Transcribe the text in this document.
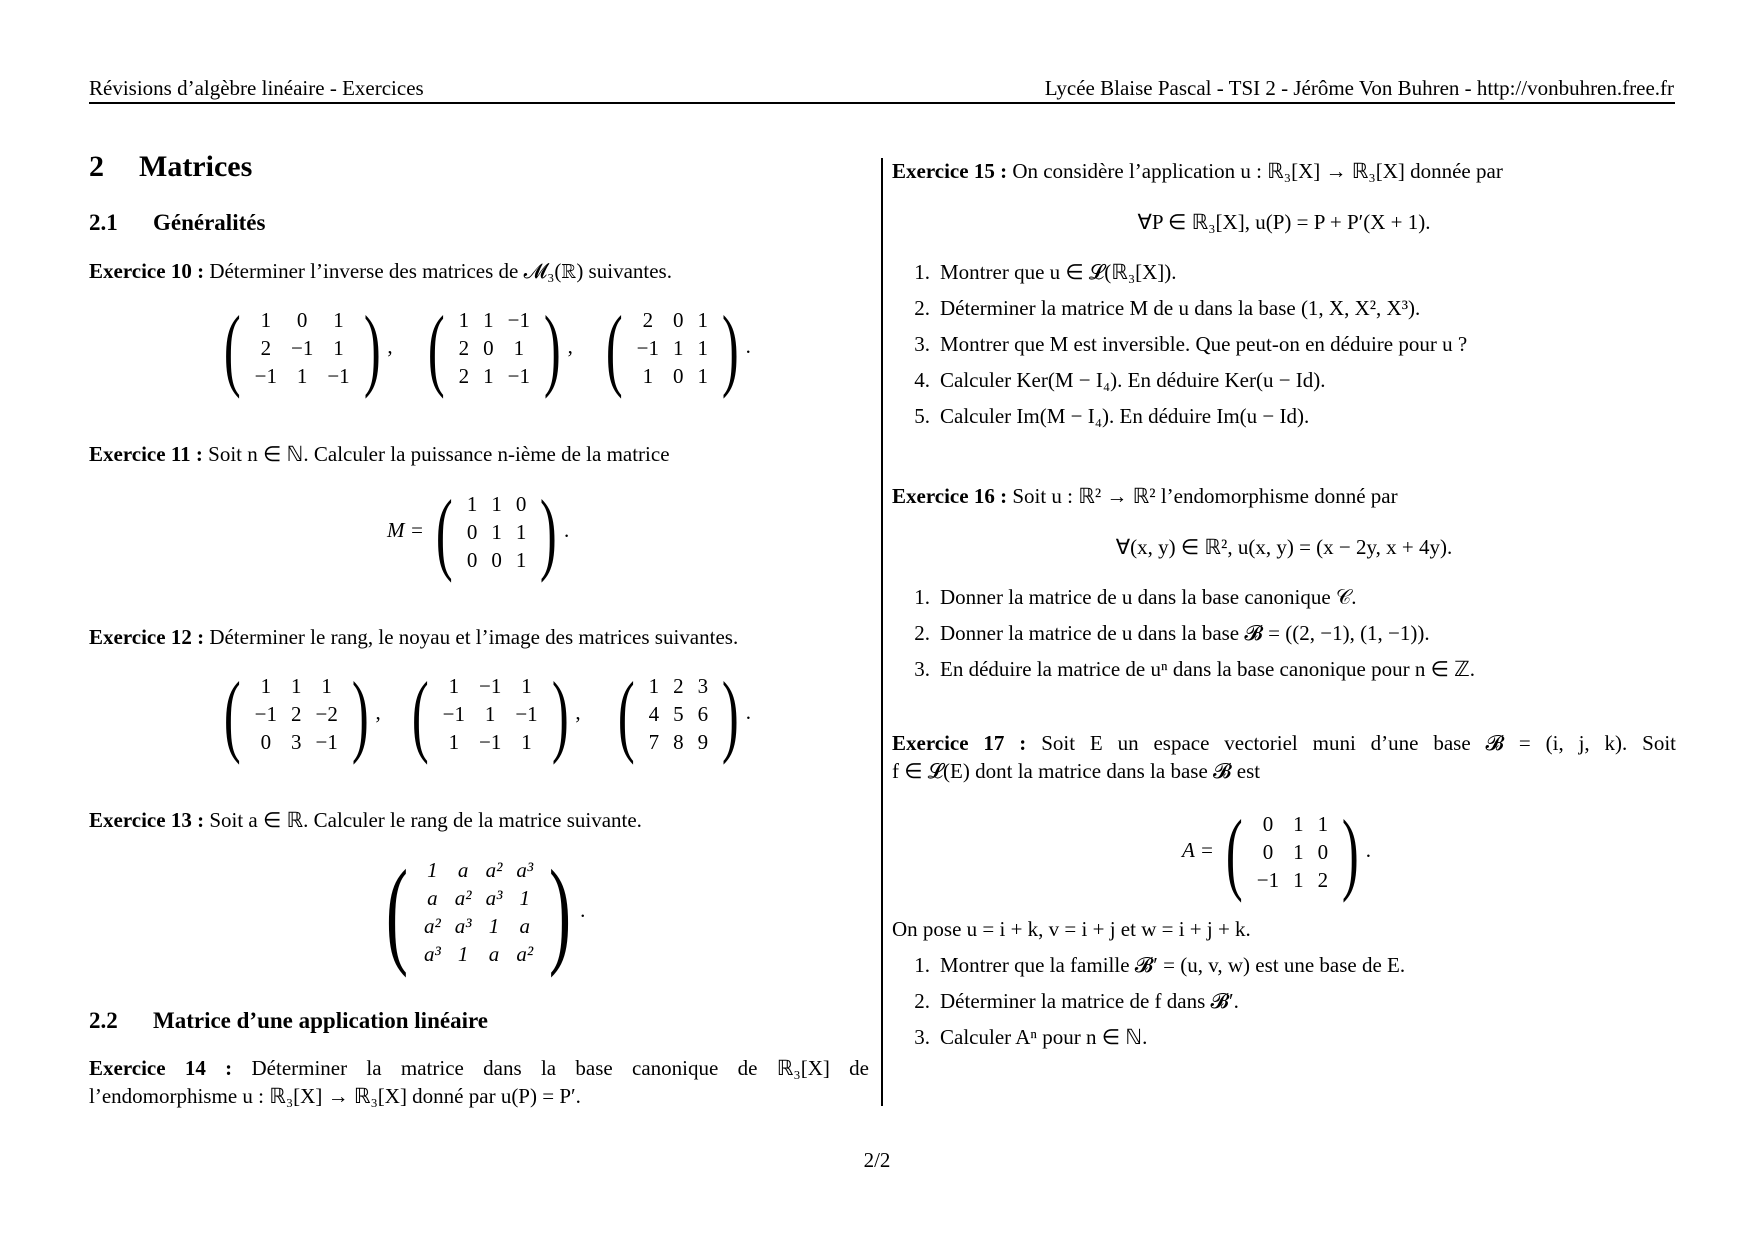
Révisions d’algèbre linéaire - Exercices	Lycée Blaise Pascal - TSI 2 - Jérôme Von Buhren - http://vonbuhren.free.fr
2 Matrices
2.1 Généralités
Exercice 10 : Déterminer l’inverse des matrices de 𝓜₃(ℝ) suivantes.
( 1	0	1
2	−1	1
−1	1	−1 ) , ( 1	1	−1
2	0	1
2	1	−1 ) , ( 2	0	1
−1	1	1
1	0	1 ) .
Exercice 11 : Soit n ∈ ℕ. Calculer la puissance n-ième de la matrice
M = ( 1	1	0
0	1	1
0	0	1 ) .
Exercice 12 : Déterminer le rang, le noyau et l’image des matrices suivantes.
( 1	1	1
−1	2	−2
0	3	−1 ) , ( 1	−1	1
−1	1	−1
1	−1	1 ) , ( 1	2	3
4	5	6
7	8	9 ) .
Exercice 13 : Soit a ∈ ℝ. Calculer le rang de la matrice suivante.
( 1	a	a²	a³
a	a²	a³	1
a²	a³	1	a
a³	1	a	a² ) .
2.2 Matrice d’une application linéaire
Exercice 14 : Déterminer la matrice dans la base canonique de ℝ₃[X] de
l’endomorphisme u : ℝ₃[X] → ℝ₃[X] donné par u(P) = P′.
Exercice 15 : On considère l’application u : ℝ₃[X] → ℝ₃[X] donnée par
∀P ∈ ℝ₃[X], u(P) = P + P′(X + 1).
1. Montrer que u ∈ 𝓛(ℝ₃[X]).
2. Déterminer la matrice M de u dans la base (1, X, X², X³).
3. Montrer que M est inversible. Que peut-on en déduire pour u ?
4. Calculer Ker(M − I₄). En déduire Ker(u − Id).
5. Calculer Im(M − I₄). En déduire Im(u − Id).
Exercice 16 : Soit u : ℝ² → ℝ² l’endomorphisme donné par
∀(x, y) ∈ ℝ², u(x, y) = (x − 2y, x + 4y).
1. Donner la matrice de u dans la base canonique 𝒞.
2. Donner la matrice de u dans la base 𝓑 = ((2, −1), (1, −1)).
3. En déduire la matrice de uⁿ dans la base canonique pour n ∈ ℤ.
Exercice 17 : Soit E un espace vectoriel muni d’une base 𝓑 = (i, j, k). Soit
f ∈ 𝓛(E) dont la matrice dans la base 𝓑 est
A = ( 0	1	1
0	1	0
−1	1	2 ) .
On pose u = i + k, v = i + j et w = i + j + k.
1. Montrer que la famille 𝓑′ = (u, v, w) est une base de E.
2. Déterminer la matrice de f dans 𝓑′.
3. Calculer Aⁿ pour n ∈ ℕ.
2/2
